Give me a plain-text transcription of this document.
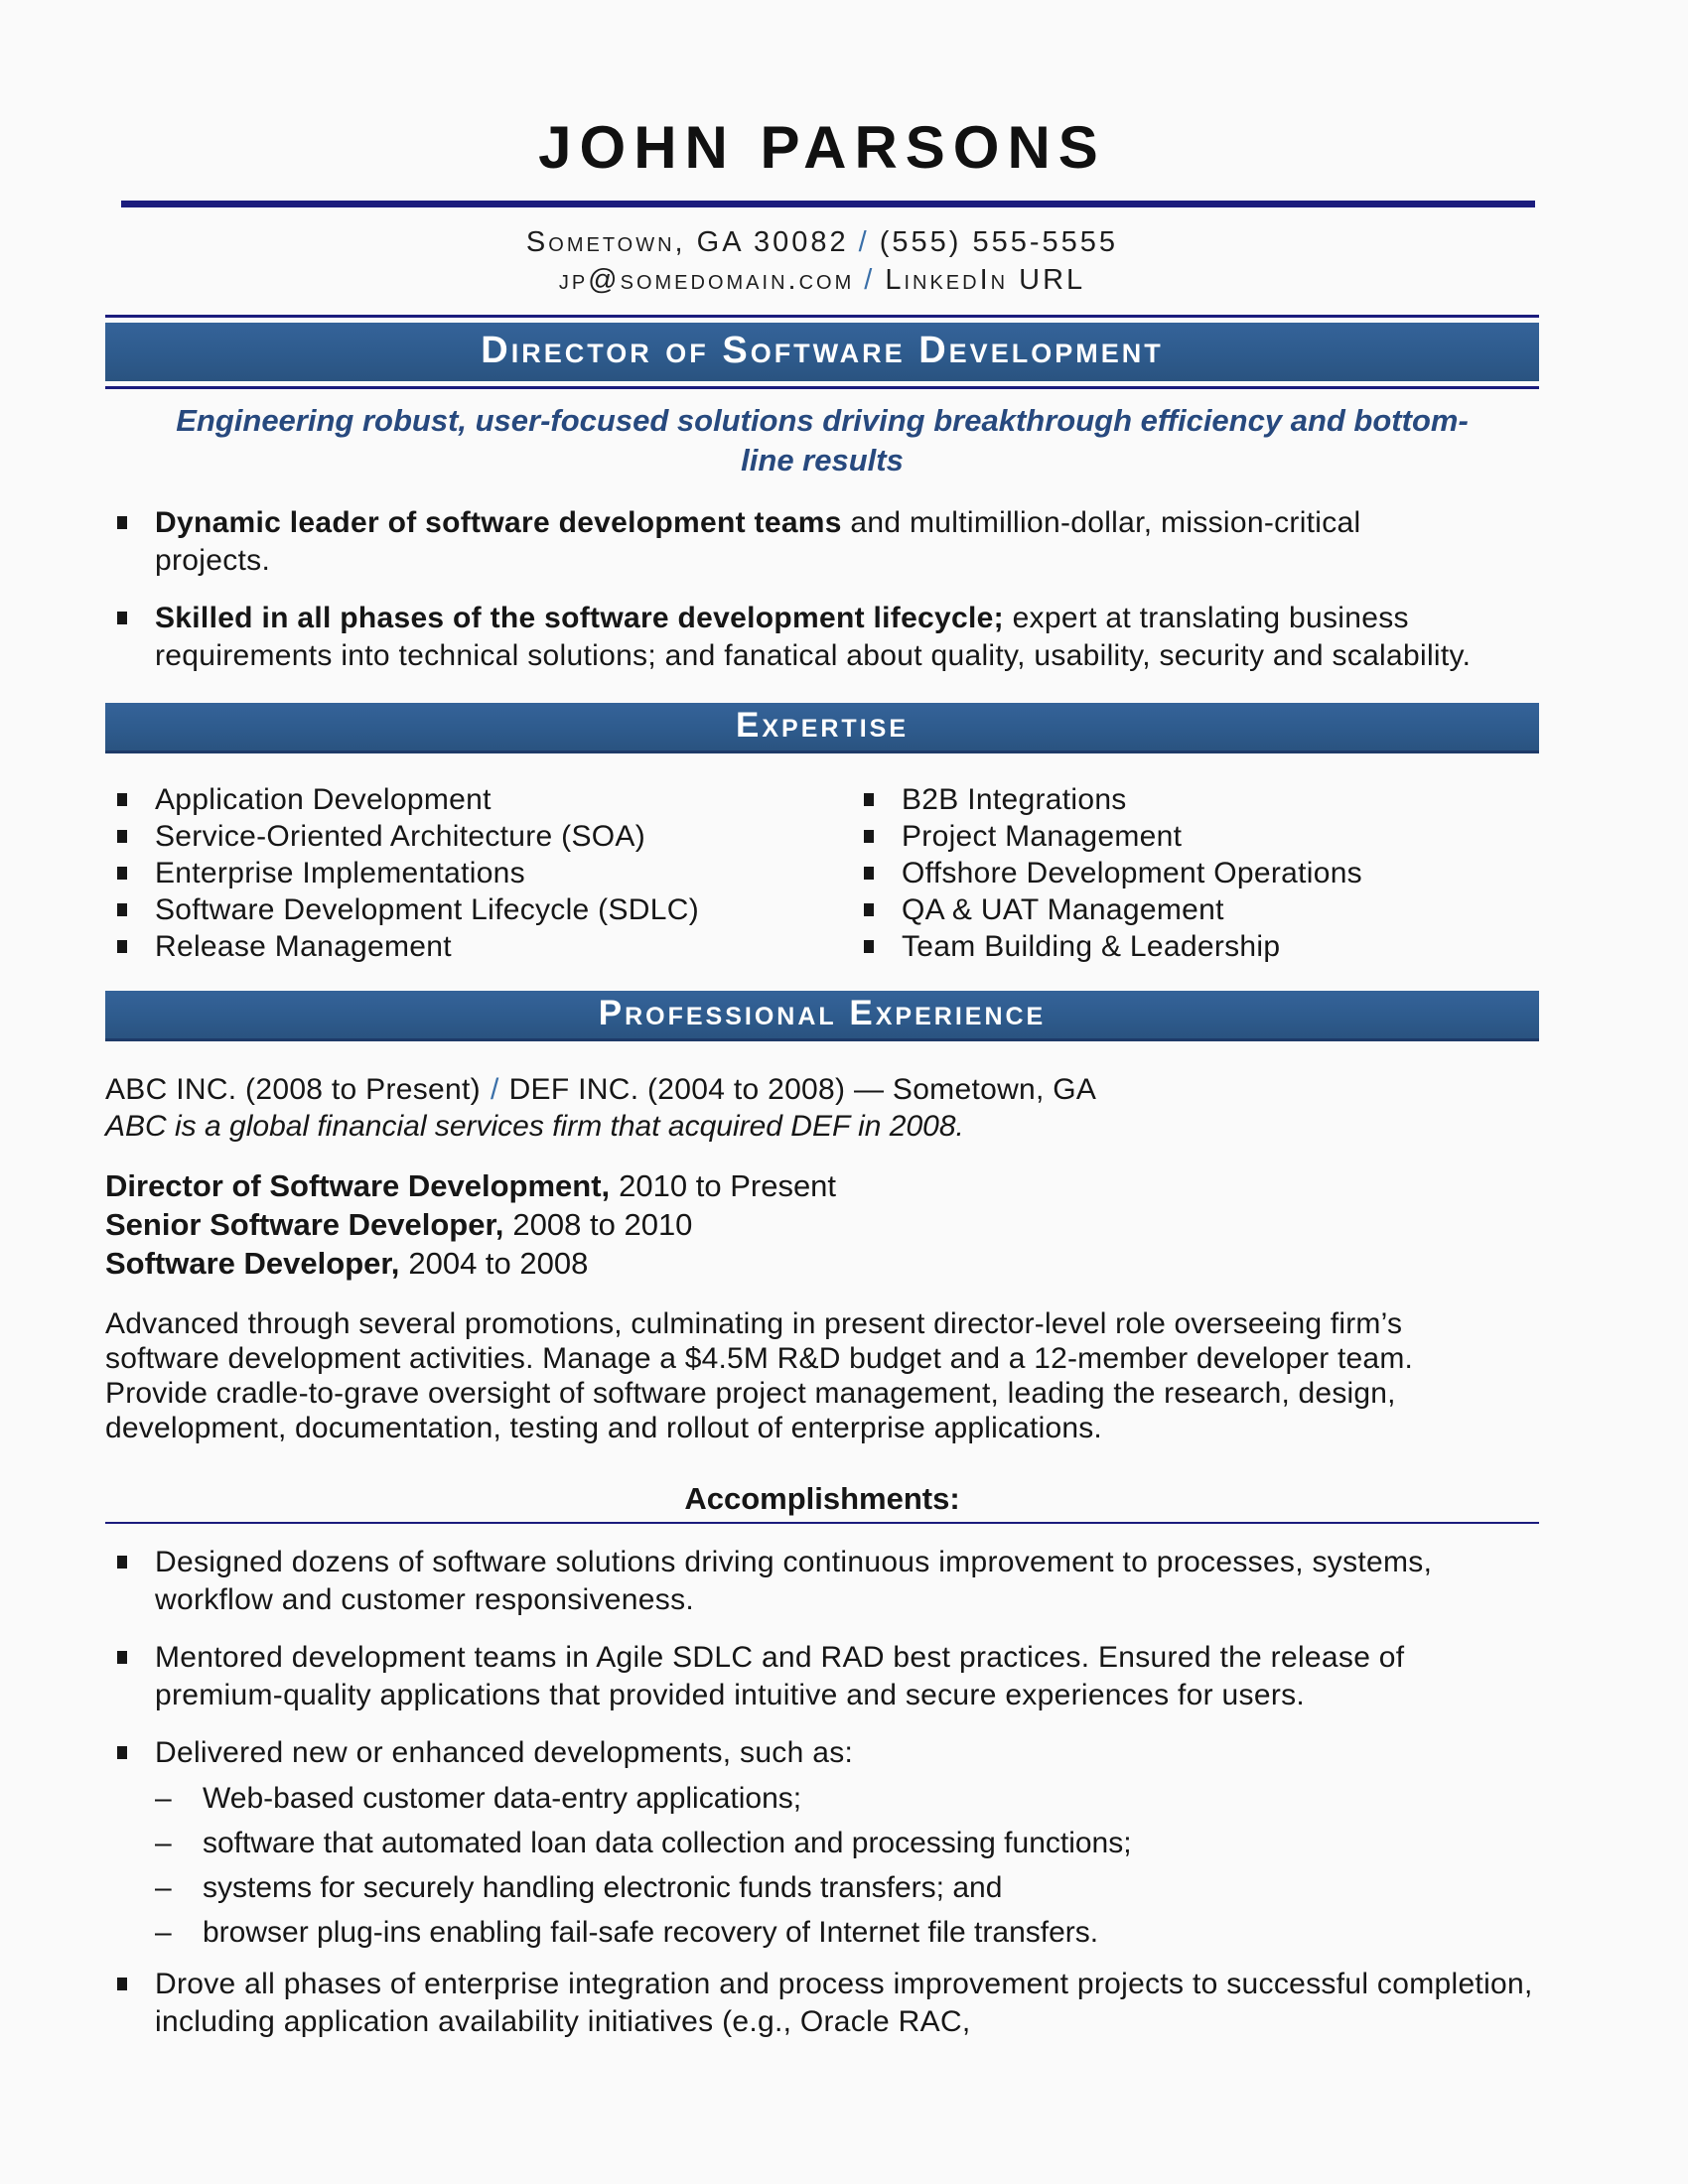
JOHN PARSONS

Sometown, GA 30082 / (555) 555-5555
jp@somedomain.com / LinkedIn URL

Director of Software Development

Engineering robust, user-focused solutions driving breakthrough efficiency and bottom-line results

Dynamic leader of software development teams and multimillion-dollar, mission-critical projects.
Skilled in all phases of the software development lifecycle; expert at translating business requirements into technical solutions; and fanatical about quality, usability, security and scalability.
Expertise
Application Development
Service-Oriented Architecture (SOA)
Enterprise Implementations
Software Development Lifecycle (SDLC)
Release Management
B2B Integrations
Project Management
Offshore Development Operations
QA & UAT Management
Team Building & Leadership
Professional Experience

ABC INC. (2008 to Present) / DEF INC. (2004 to 2008) — Sometown, GA

ABC is a global financial services firm that acquired DEF in 2008.

Director of Software Development, 2010 to Present
Senior Software Developer, 2008 to 2010
Software Developer, 2004 to 2008

Advanced through several promotions, culminating in present director-level role overseeing firm’s software development activities. Manage a $4.5M R&D budget and a 12-member developer team. Provide cradle-to-grave oversight of software project management, leading the research, design, development, documentation, testing and rollout of enterprise applications.

Accomplishments:

Designed dozens of software solutions driving continuous improvement to processes, systems, workflow and customer responsiveness.
Mentored development teams in Agile SDLC and RAD best practices. Ensured the release of premium-quality applications that provided intuitive and secure experiences for users.
Delivered new or enhanced developments, such as:
–	Web-based customer data-entry applications;
–	software that automated loan data collection and processing functions;
–	systems for securely handling electronic funds transfers; and
–	browser plug-ins enabling fail-safe recovery of Internet file transfers.
Drove all phases of enterprise integration and process improvement projects to successful completion, including application availability initiatives (e.g., Oracle RAC,
